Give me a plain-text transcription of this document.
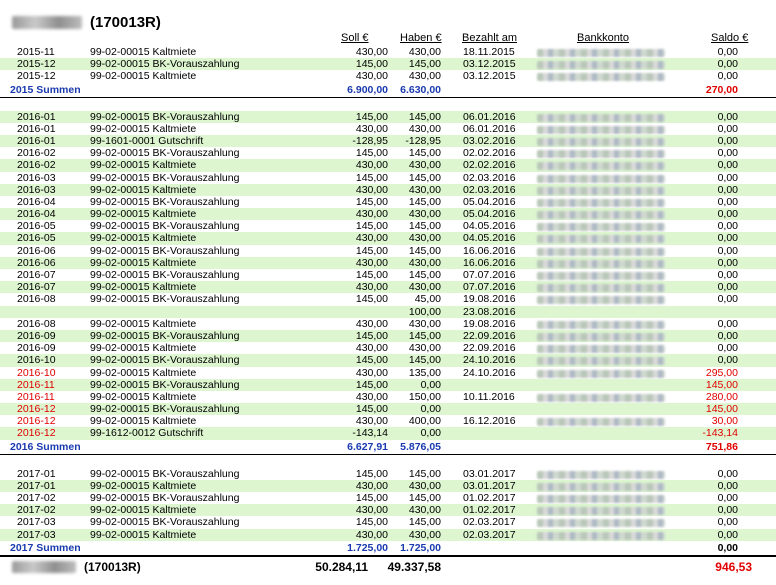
(170013R)
Soll €	Haben € Bezahlt am	Bankkonto	Saldo €
2015-11	99-02-00015 Kaltmiete	430,00 430,00 18.11.2015	0,00
2015-12	99-02-00015 BK-Vorauszahlung	145,00 145,00 03.12.2015	0,00
2015-12	99-02-00015 Kaltmiete	430,00 430,00 03.12.2015	0,00
2015 Summen	6.900,00 6.630,00	270,00
2016-01	99-02-00015 BK-Vorauszahlung	145,00 145,00 06.01.2016	0,00
2016-01	99-02-00015 Kaltmiete	430,00 430,00 06.01.2016	0,00
2016-01	99-1601-0001 Gutschrift	-128,95 -128,95 03.02.2016	0,00
2016-02	99-02-00015 BK-Vorauszahlung	145,00 145,00 02.02.2016	0,00
2016-02	99-02-00015 Kaltmiete	430,00 430,00 02.02.2016	0,00
2016-03	99-02-00015 BK-Vorauszahlung	145,00 145,00 02.03.2016	0,00
2016-03	99-02-00015 Kaltmiete	430,00 430,00 02.03.2016	0,00
2016-04	99-02-00015 BK-Vorauszahlung	145,00 145,00 05.04.2016	0,00
2016-04	99-02-00015 Kaltmiete	430,00 430,00 05.04.2016	0,00
2016-05	99-02-00015 BK-Vorauszahlung	145,00 145,00 04.05.2016	0,00
2016-05	99-02-00015 Kaltmiete	430,00 430,00 04.05.2016	0,00
2016-06	99-02-00015 BK-Vorauszahlung	145,00 145,00 16.06.2016	0,00
2016-06	99-02-00015 Kaltmiete	430,00 430,00 16.06.2016	0,00
2016-07	99-02-00015 BK-Vorauszahlung	145,00 145,00 07.07.2016	0,00
2016-07	99-02-00015 Kaltmiete	430,00 430,00 07.07.2016	0,00
2016-08	99-02-00015 BK-Vorauszahlung	145,00	45,00 19.08.2016	0,00
100,00 23.08.2016
2016-08	99-02-00015 Kaltmiete	430,00 430,00 19.08.2016	0,00
2016-09	99-02-00015 BK-Vorauszahlung	145,00 145,00 22.09.2016	0,00
2016-09	99-02-00015 Kaltmiete	430,00 430,00 22.09.2016	0,00
2016-10	99-02-00015 BK-Vorauszahlung	145,00 145,00 24.10.2016	0,00
2016-10	99-02-00015 Kaltmiete	430,00 135,00 24.10.2016	295,00
2016-11	99-02-00015 BK-Vorauszahlung	145,00	0,00	145,00
2016-11	99-02-00015 Kaltmiete	430,00 150,00 10.11.2016	280,00
2016-12	99-02-00015 BK-Vorauszahlung	145,00	0,00	145,00
2016-12	99-02-00015 Kaltmiete	430,00 400,00 16.12.2016	30,00
2016-12	99-1612-0012 Gutschrift	-143,14	0,00	-143,14
2016 Summen	6.627,91 5.876,05	751,86
2017-01	99-02-00015 BK-Vorauszahlung	145,00 145,00 03.01.2017	0,00
2017-01	99-02-00015 Kaltmiete	430,00 430,00 03.01.2017	0,00
2017-02	99-02-00015 BK-Vorauszahlung	145,00 145,00 01.02.2017	0,00
2017-02	99-02-00015 Kaltmiete	430,00 430,00 01.02.2017	0,00
2017-03	99-02-00015 BK-Vorauszahlung	145,00 145,00 02.03.2017	0,00
2017-03	99-02-00015 Kaltmiete	430,00 430,00 02.03.2017	0,00
2017 Summen	1.725,00 1.725,00	0,00
(170013R)	50.284,11 49.337,58	946,53
